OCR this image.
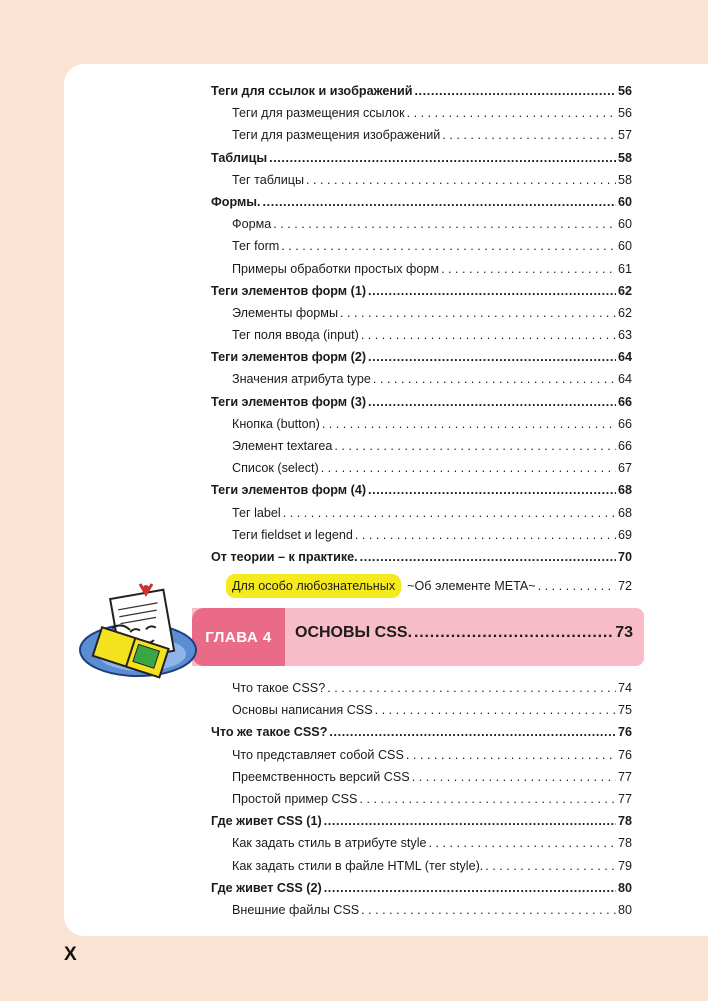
Теги для ссылок и изображений .....	56
Теги для размещения ссылок . . .	56
Теги для размещения изображений . . .	57
Таблицы .....	58
Тег таблицы . . .	58
Формы. .....	60
Форма . . .	60
Тег form . . .	60
Примеры обработки простых форм . . .	61
Теги элементов форм (1) .....	62
Элементы формы . . .	62
Тег поля ввода (input) . . .	63
Теги элементов форм (2) .....	64
Значения атрибута type . . .	64
Теги элементов форм (3) .....	66
Кнопка (button) . . .	66
Элемент textarea . . .	66
Список (select) . . .	67
Теги элементов форм (4) .....	68
Тег label . . .	68
Теги fieldset и legend . . .	69
От теории – к практике. .....	70
Для особо любознательных ~Об элементе META~ . . .	72
ГЛАВА 4	ОСНОВЫ CSS. .....	73
Что такое CSS? . . .	74
Основы написания CSS . . .	75
Что же такое CSS? .....	76
Что представляет собой CSS . . .	76
Преемственность версий CSS . . .	77
Простой пример CSS . . .	77
Где живет CSS (1) .....	78
Как задать стиль в атрибуте style . . .	78
Как задать стили в файле HTML (тег style). . . .	79
Где живет CSS (2) .....	80
Внешние файлы CSS . . .	80
X
